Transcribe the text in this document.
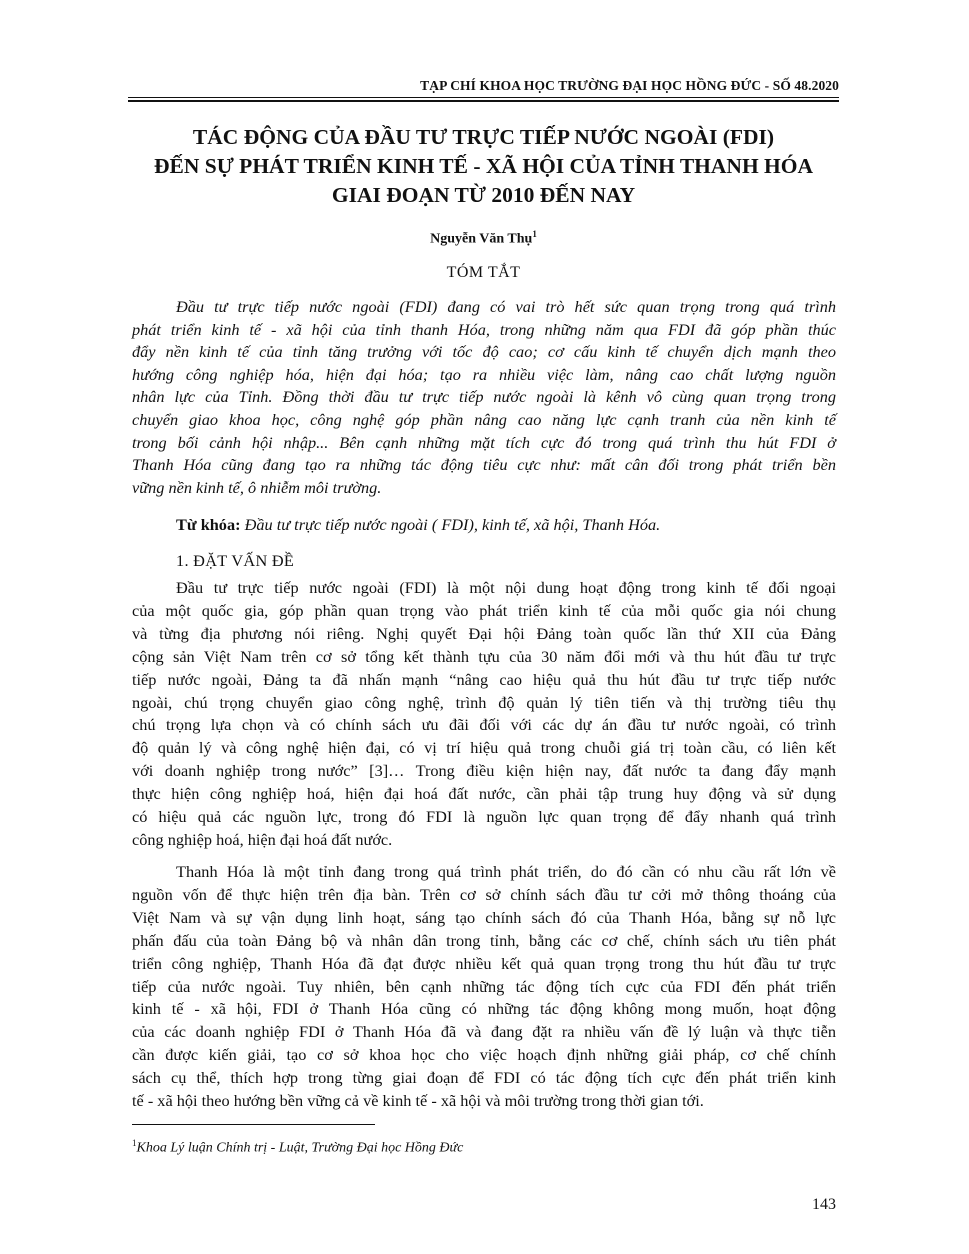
TẠP CHÍ KHOA HỌC TRƯỜNG ĐẠI HỌC HỒNG ĐỨC - SỐ 48.2020
TÁC ĐỘNG CỦA ĐẦU TƯ TRỰC TIẾP NƯỚC NGOÀI (FDI)
ĐẾN SỰ PHÁT TRIỂN KINH TẾ - XÃ HỘI CỦA TỈNH THANH HÓA
GIAI ĐOẠN TỪ 2010 ĐẾN NAY
Nguyễn Văn Thụ$^1$
TÓM TẮT
Đầu tư trực tiếp nước ngoài (FDI) đang có vai trò hết sức quan trọng trong quá trình
phát triển kinh tế - xã hội của tỉnh thanh Hóa, trong những năm qua FDI đã góp phần thúc
đẩy nền kinh tế của tỉnh tăng trưởng với tốc độ cao; cơ cấu kinh tế chuyển dịch mạnh theo
hướng công nghiệp hóa, hiện đại hóa; tạo ra nhiều việc làm, nâng cao chất lượng nguồn
nhân lực của Tỉnh. Đồng thời đầu tư trực tiếp nước ngoài là kênh vô cùng quan trọng trong
chuyển giao khoa học, công nghệ góp phần nâng cao năng lực cạnh tranh của nền kinh tế
trong bối cảnh hội nhập... Bên cạnh những mặt tích cực đó trong quá trình thu hút FDI ở
Thanh Hóa cũng đang tạo ra những tác động tiêu cực như: mất cân đối trong phát triển bền
vững nền kinh tế, ô nhiễm môi trường.
Từ khóa: Đầu tư trực tiếp nước ngoài ( FDI), kinh tế, xã hội, Thanh Hóa.
1. ĐẶT VẤN ĐỀ
Đầu tư trực tiếp nước ngoài (FDI) là một nội dung hoạt động trong kinh tế đối ngoại
của một quốc gia, góp phần quan trọng vào phát triển kinh tế của mỗi quốc gia nói chung
và từng địa phương nói riêng. Nghị quyết Đại hội Đảng toàn quốc lần thứ XII của Đảng
cộng sản Việt Nam trên cơ sở tổng kết thành tựu của 30 năm đổi mới và thu hút đầu tư trực
tiếp nước ngoài, Đảng ta đã nhấn mạnh “nâng cao hiệu quả thu hút đầu tư trực tiếp nước
ngoài, chú trọng chuyển giao công nghệ, trình độ quản lý tiên tiến và thị trường tiêu thụ
chú trọng lựa chọn và có chính sách ưu đãi đối với các dự án đầu tư nước ngoài, có trình
độ quản lý và công nghệ hiện đại, có vị trí hiệu quả trong chuỗi giá trị toàn cầu, có liên kết
với doanh nghiệp trong nước” [3]… Trong điều kiện hiện nay, đất nước ta đang đẩy mạnh
thực hiện công nghiệp hoá, hiện đại hoá đất nước, cần phải tập trung huy động và sử dụng
có hiệu quả các nguồn lực, trong đó FDI là nguồn lực quan trọng để đẩy nhanh quá trình
công nghiệp hoá, hiện đại hoá đất nước.
Thanh Hóa là một tỉnh đang trong quá trình phát triển, do đó cần có nhu cầu rất lớn về
nguồn vốn để thực hiện trên địa bàn. Trên cơ sở chính sách đầu tư cởi mở thông thoáng của
Việt Nam và sự vận dụng linh hoạt, sáng tạo chính sách đó của Thanh Hóa, bằng sự nỗ lực
phấn đấu của toàn Đảng bộ và nhân dân trong tỉnh, bằng các cơ chế, chính sách ưu tiên phát
triển công nghiệp, Thanh Hóa đã đạt được nhiều kết quả quan trọng trong thu hút đầu tư trực
tiếp của nước ngoài. Tuy nhiên, bên cạnh những tác động tích cực của FDI đến phát triển
kinh tế - xã hội, FDI ở Thanh Hóa cũng có những tác động không mong muốn, hoạt động
của các doanh nghiệp FDI ở Thanh Hóa đã và đang đặt ra nhiều vấn đề lý luận và thực tiễn
cần được kiến giải, tạo cơ sở khoa học cho việc hoạch định những giải pháp, cơ chế chính
sách cụ thể, thích hợp trong từng giai đoạn để FDI có tác động tích cực đến phát triển kinh
tế - xã hội theo hướng bền vững cả về kinh tế - xã hội và môi trường trong thời gian tới.
$^1$Khoa Lý luận Chính trị - Luật, Trường Đại học Hồng Đức
143
